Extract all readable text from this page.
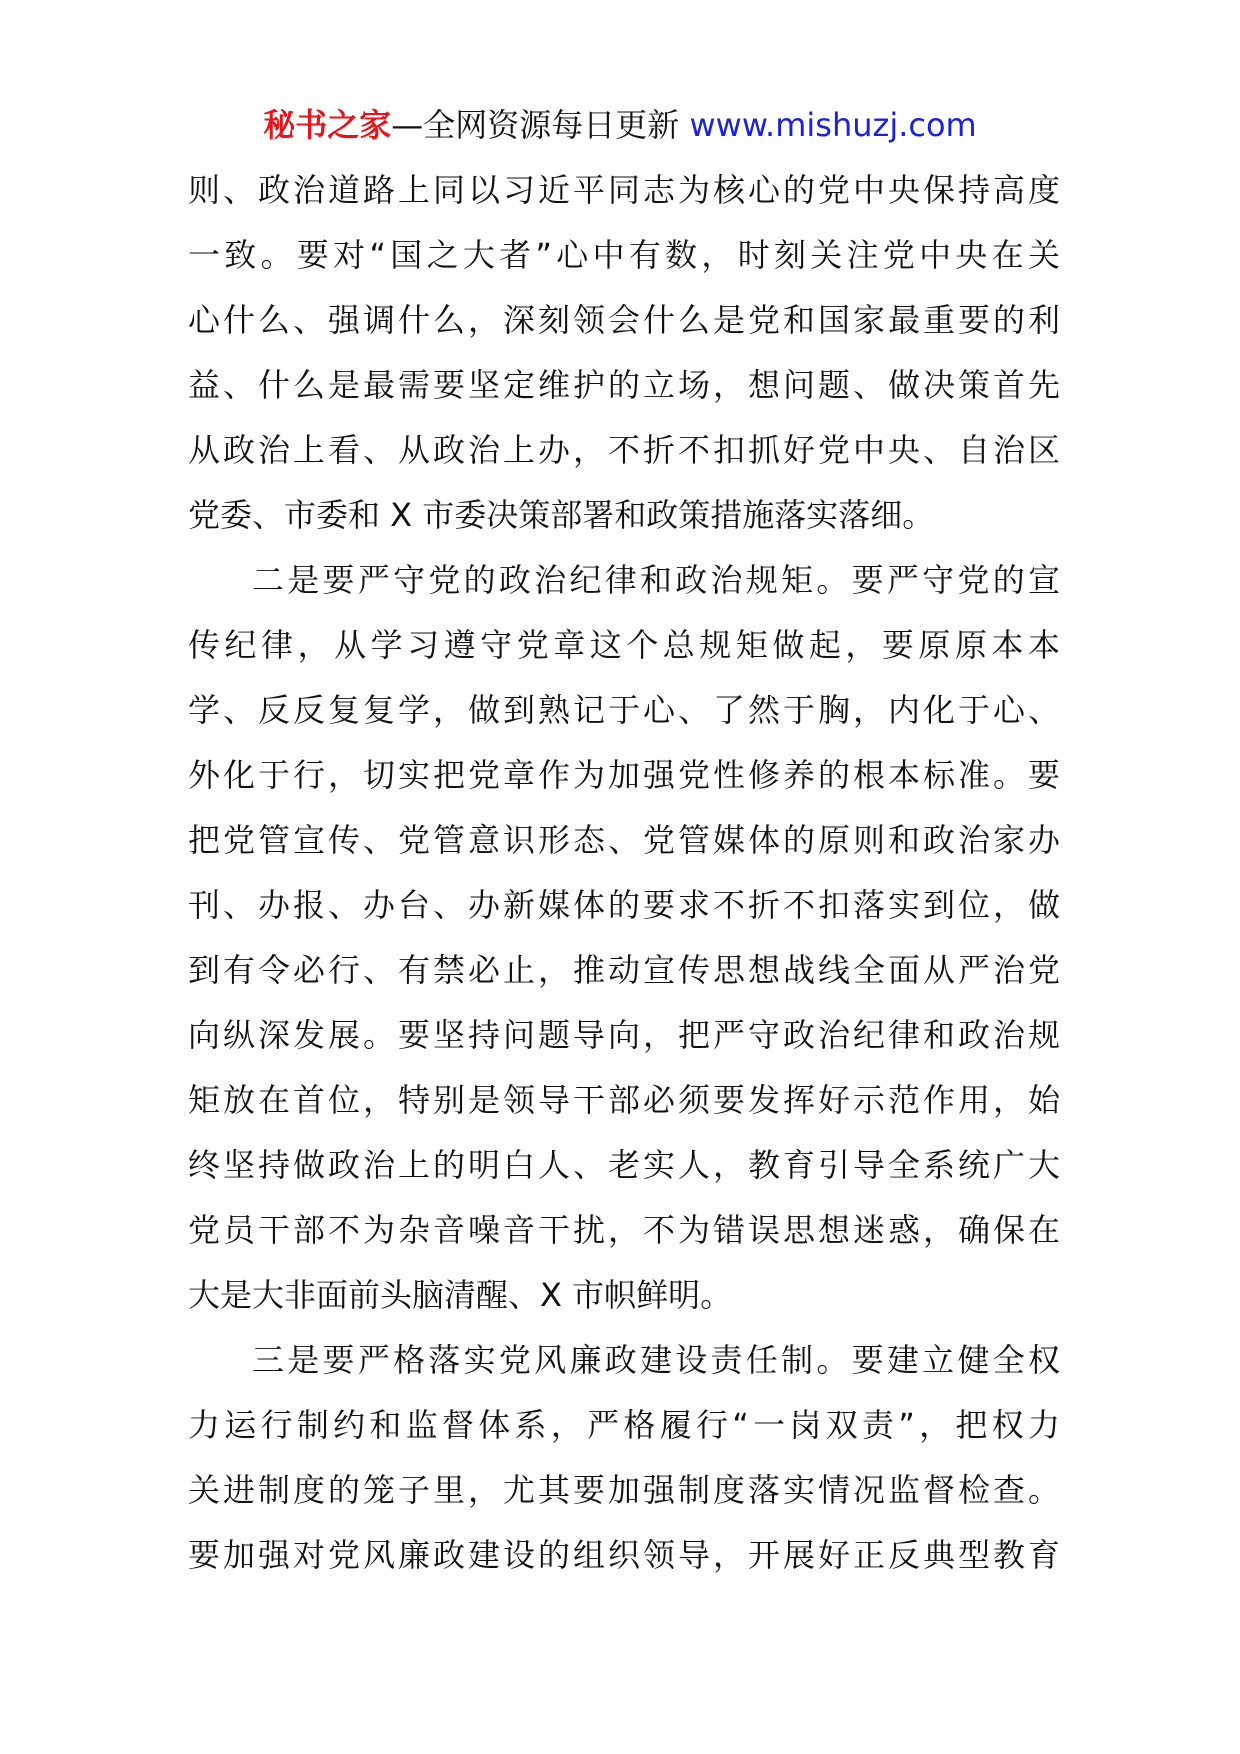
秘书之家—全网资源每日更新 www.mishuzj.com
则、政治道路上同以习近平同志为核心的党中央保持高度
一致。要对“国之大者”心中有数，时刻关注党中央在关
心什么、强调什么，深刻领会什么是党和国家最重要的利
益、什么是最需要坚定维护的立场，想问题、做决策首先
从政治上看、从政治上办，不折不扣抓好党中央、自治区
党委、市委和 X 市委决策部署和政策措施落实落细。
二是要严守党的政治纪律和政治规矩。要严守党的宣
传纪律，从学习遵守党章这个总规矩做起，要原原本本
学、反反复复学，做到熟记于心、了然于胸，内化于心、
外化于行，切实把党章作为加强党性修养的根本标准。要
把党管宣传、党管意识形态、党管媒体的原则和政治家办
刊、办报、办台、办新媒体的要求不折不扣落实到位，做
到有令必行、有禁必止，推动宣传思想战线全面从严治党
向纵深发展。要坚持问题导向，把严守政治纪律和政治规
矩放在首位，特别是领导干部必须要发挥好示范作用，始
终坚持做政治上的明白人、老实人，教育引导全系统广大
党员干部不为杂音噪音干扰，不为错误思想迷惑，确保在
大是大非面前头脑清醒、X 市帜鲜明。
三是要严格落实党风廉政建设责任制。要建立健全权
力运行制约和监督体系，严格履行“一岗双责”，把权力
关进制度的笼子里，尤其要加强制度落实情况监督检查。
要加强对党风廉政建设的组织领导，开展好正反典型教育
